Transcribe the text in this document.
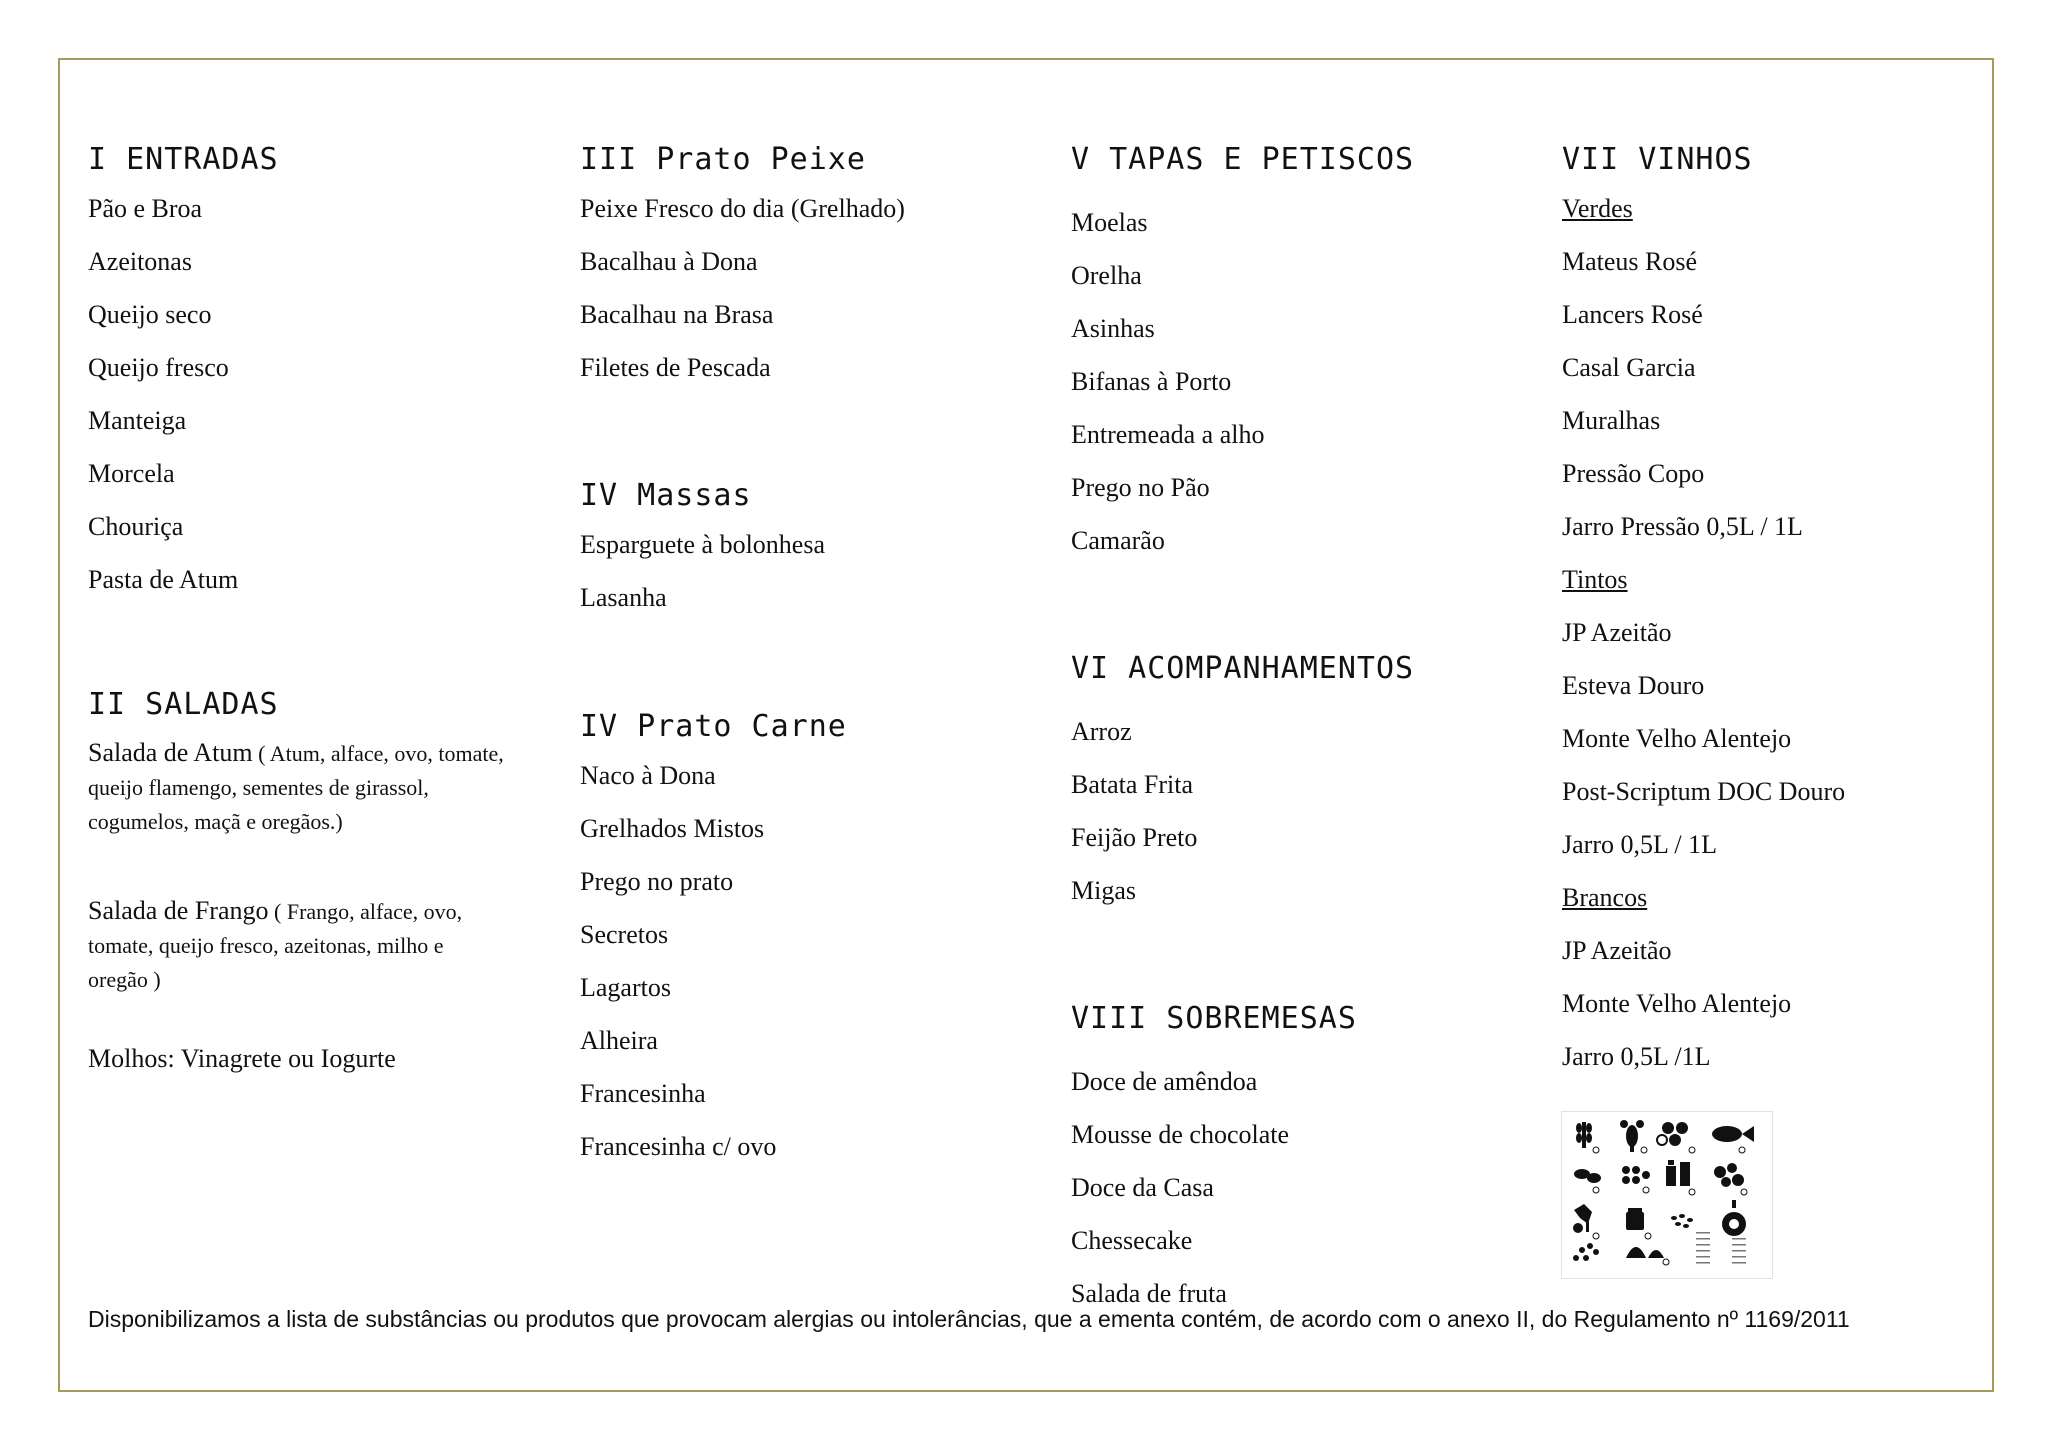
I ENTRADAS
Pão e Broa
Azeitonas
Queijo seco
Queijo fresco
Manteiga
Morcela
Chouriça
Pasta de Atum
II SALADAS

Salada de Atum ( Atum, alface, ovo, tomate, queijo flamengo, sementes de girassol, cogumelos, maçã e oregãos.)

Salada de Frango ( Frango, alface, ovo, tomate, queijo fresco, azeitonas, milho e oregão )

Molhos: Vinagrete ou Iogurte
III Prato Peixe
Peixe Fresco do dia (Grelhado)
Bacalhau à Dona
Bacalhau na Brasa
Filetes de Pescada
IV Massas
Esparguete à bolonhesa
Lasanha
IV Prato Carne
Naco à Dona
Grelhados Mistos
Prego no prato
Secretos
Lagartos
Alheira
Francesinha
Francesinha c/ ovo
V TAPAS E PETISCOS
Moelas
Orelha
Asinhas
Bifanas à Porto
Entremeada a alho
Prego no Pão
Camarão
VI ACOMPANHAMENTOS
Arroz
Batata Frita
Feijão Preto
Migas
VIII SOBREMESAS
Doce de amêndoa
Mousse de chocolate
Doce da Casa
Chessecake
Salada de fruta
VII VINHOS
Verdes
Mateus Rosé
Lancers Rosé
Casal Garcia
Muralhas
Pressão Copo
Jarro Pressão 0,5L / 1L
Tintos
JP Azeitão
Esteva Douro
Monte Velho Alentejo
Post-Scriptum DOC Douro
Jarro 0,5L / 1L
Brancos
JP Azeitão
Monte Velho Alentejo
Jarro 0,5L /1L
Disponibilizamos a lista de substâncias ou produtos que provocam alergias ou intolerâncias, que a ementa contém, de acordo com o anexo II, do Regulamento nº 1169/2011
